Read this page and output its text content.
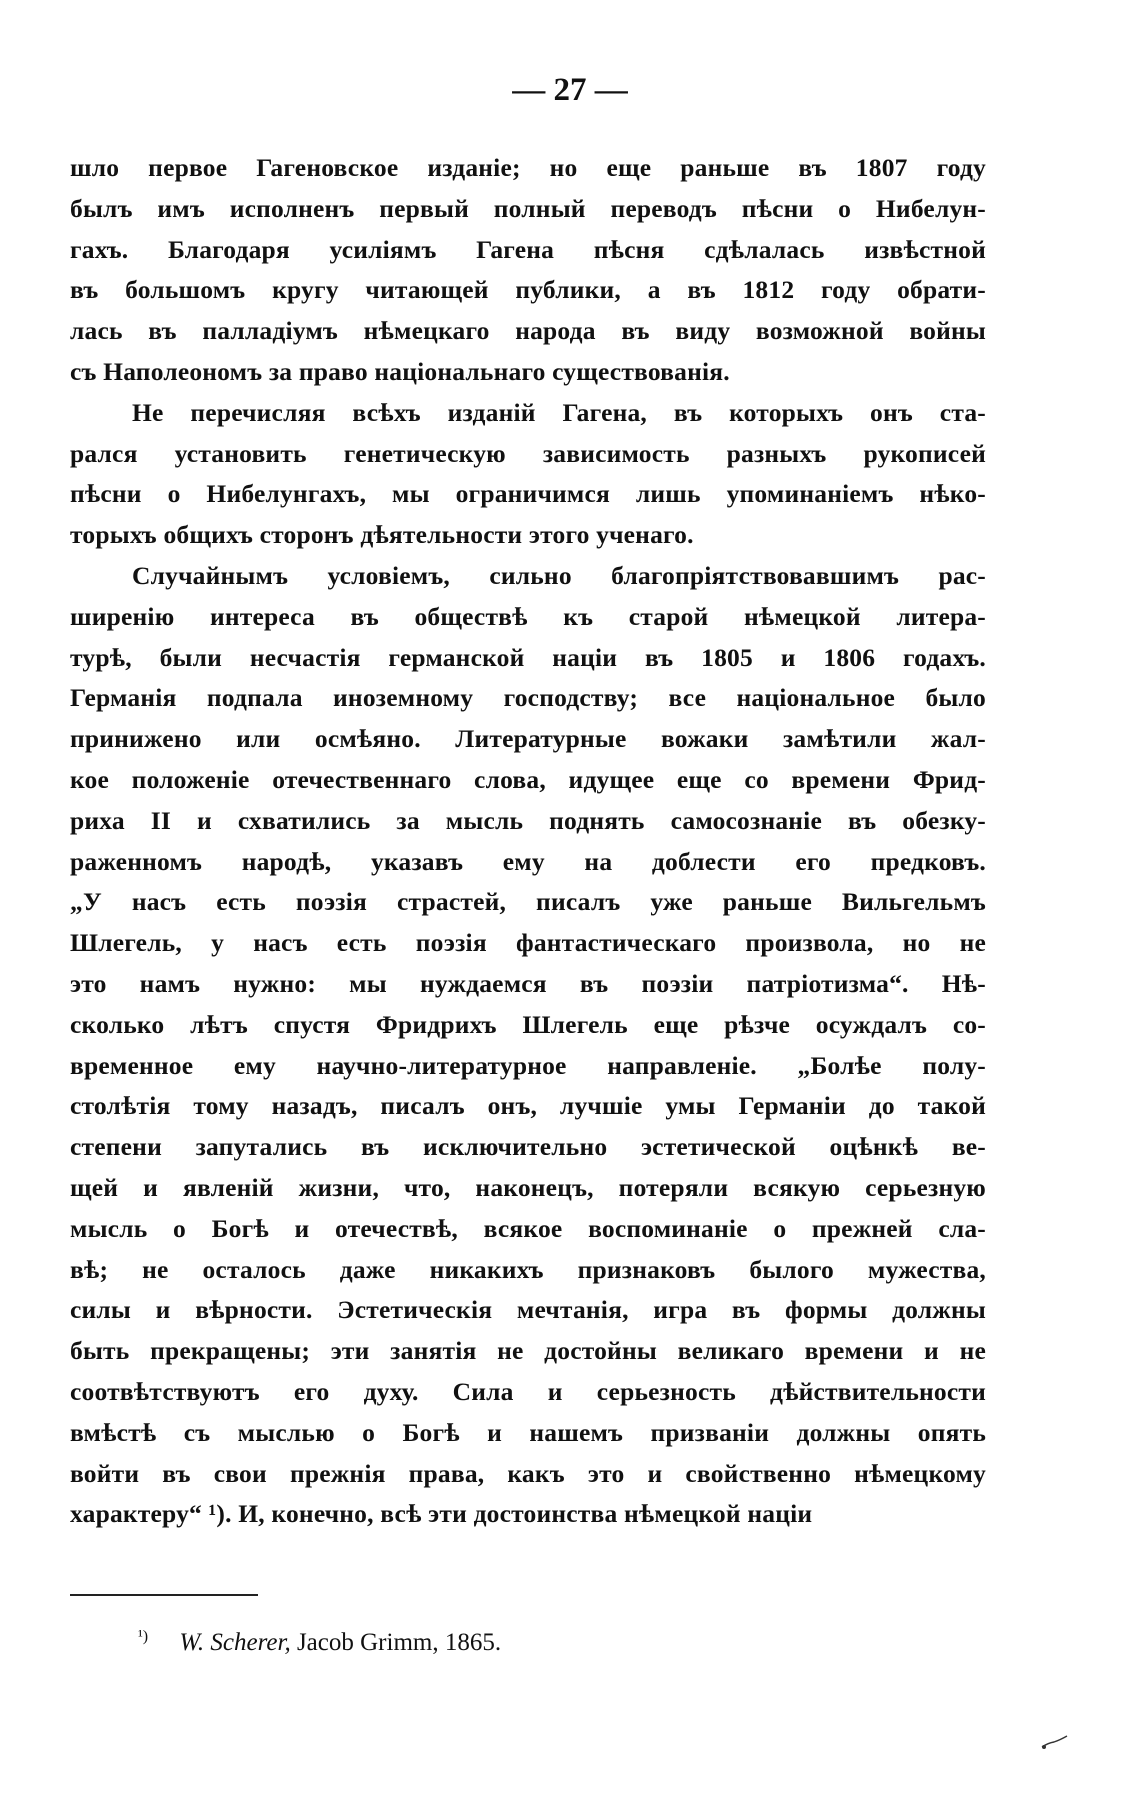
— 27 —
шло первое Гагеновское изданiе; но еще раньше въ 1807 году
былъ имъ исполненъ первый полный переводъ пѣсни о Нибелун-
гахъ. Благодаря усилiямъ Гагена пѣсня сдѣлалась извѣстной
въ большомъ кругу читающей публики, а въ 1812 году обрати-
лась въ палладiумъ нѣмецкаго народа въ виду возможной войны
съ Наполеономъ за право нацiональнаго существованiя.
Не перечисляя всѣхъ изданiй Гагена, въ которыхъ онъ ста-
рался установить генетическую зависимость разныхъ рукописей
пѣсни о Нибелунгахъ, мы ограничимся лишь упоминанiемъ нѣко-
торыхъ общихъ сторонъ дѣятельности этого ученаго.
Случайнымъ условiемъ, сильно благопрiятствовавшимъ рас-
ширенiю интереса въ обществѣ къ старой нѣмецкой литера-
турѣ, были несчастiя германской нацiи въ 1805 и 1806 годахъ.
Германiя подпала иноземному господству; все нацiональное было
принижено или осмѣяно. Литературные вожаки замѣтили жал-
кое положенiе отечественнаго слова, идущее еще со времени Фрид-
риха II и схватились за мысль поднять самосознанiе въ обезку-
раженномъ народѣ, указавъ ему на доблести его предковъ.
„У насъ есть поэзiя страстей, писалъ уже раньше Вильгельмъ
Шлегель, у насъ есть поэзiя фантастическаго произвола, но не
это намъ нужно: мы нуждаемся въ поэзiи патрiотизма“. Нѣ-
сколько лѣтъ спустя Фридрихъ Шлегель еще рѣзче осуждалъ со-
временное ему научно-литературное направленiе. „Болѣе полу-
столѣтiя тому назадъ, писалъ онъ, лучшiе умы Германiи до такой
степени запутались въ исключительно эстетической оцѣнкѣ ве-
щей и явленiй жизни, что, наконецъ, потеряли всякую серьезную
мысль о Богѣ и отечествѣ, всякое воспоминанiе о прежней сла-
вѣ; не осталось даже никакихъ признаковъ былого мужества,
силы и вѣрности. Эстетическiя мечтанiя, игра въ формы должны
быть прекращены; эти занятiя не достойны великаго времени и не
соотвѣтствуютъ его духу. Сила и серьезность дѣйствительности
вмѣстѣ съ мыслью о Богѣ и нашемъ призванiи должны опять
войти въ свои прежнiя права, какъ это и свойственно нѣмецкому
характеру“ ¹). И, конечно, всѣ эти достоинства нѣмецкой нацiи
$^{^1)}$ W. Scherer, Jacob Grimm, 1865.
